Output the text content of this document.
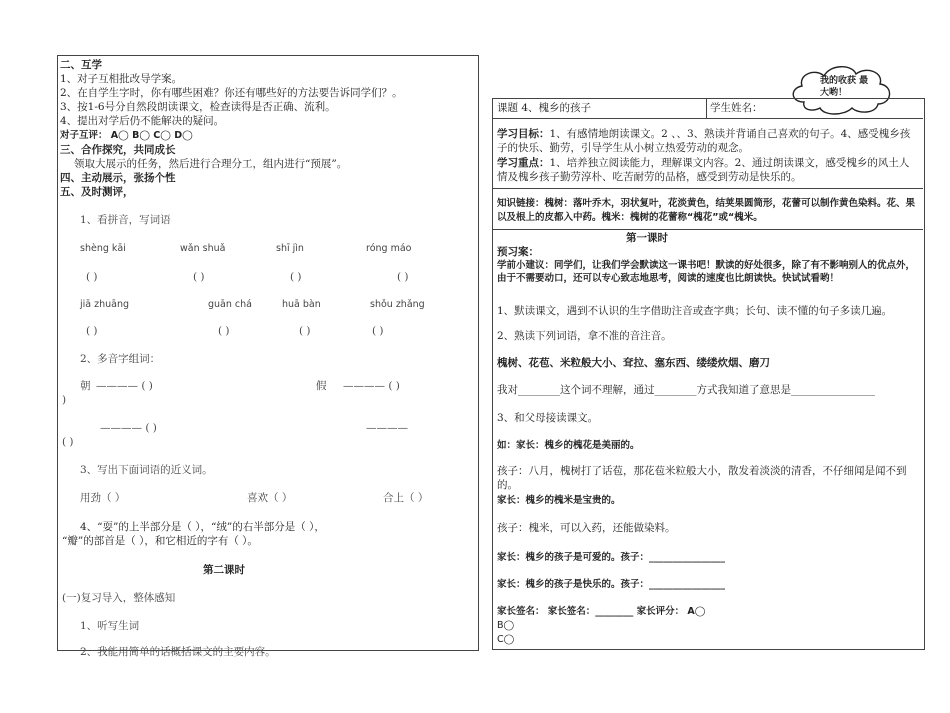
二、互学
1、对子互相批改导学案。
2、在自学生字时，你有哪些困难？你还有哪些好的方法要告诉同学们？。
3、按1-6号分自然段朗读课文，检查读得是否正确、流利。
4、提出对学后仍不能解决的疑问。
对子互评： A◯ B◯ C◯ D◯
三、合作探究，共同成长
领取大展示的任务，然后进行合理分工，组内进行“预展”。
四、主动展示，张扬个性
五、及时测评，
1、看拼音，写词语
shèng kāi	wǎn shuǎ	shī jìn	róng máo
( )	( )	( )	( )
jiā zhuāng	guān chá	huā bàn	shǒu zhǎng
( )	( )	( )	( )
2、多音字组词：
朝 ———— ( )	假 ———— ( )
)
———— ( )	————
( )
3、写出下面词语的近义词。
用劲（ ）	喜欢（ ）	合上（ ）
4、“耍”的上半部分是（ ），“绒”的右半部分是（ ），
“瓣”的部首是（ ），和它相近的字有（ ）。
第二课时
(一)复习导入，整体感知
1、听写生词
2、我能用简单的话概括课文的主要内容。
我的收获 最大哟！
课题 4、槐乡的孩子	学生姓名：
学习目标：1、有感情地朗读课文。2 、、3、熟读并背诵自己喜欢的句子。4、感受槐乡孩子的快乐、勤劳，引导学生从小树立热爱劳动的观念。
学习重点：1、培养独立阅读能力，理解课文内容。2、通过朗读课文，感受槐乡的风土人情及槐乡孩子勤劳淳朴、吃苦耐劳的品格，感受到劳动是快乐的。
知识链接：槐树：落叶乔木，羽状复叶，花淡黄色，结荚果圆筒形，花蕾可以制作黄色染料。花、果以及根上的皮都入中药。槐米：槐树的花蕾称“槐花”或“槐米。
第一课时
预习案：
学前小建议：同学们，让我们学会默读这一课书吧！默读的好处很多，除了有不影响别人的优点外，由于不需要动口，还可以专心致志地思考，阅读的速度也比朗读快。快试试看哟！
1、默读课文，遇到不认识的生字借助注音或查字典；长句、读不懂的句子多读几遍。
2、熟读下列词语，拿不准的音注音。
槐树、花苞、米粒般大小、耷拉、塞东西、缕缕炊烟、磨刀
我对________这个词不理解，通过________方式我知道了意思是________________
3、和父母接读课文。
如：家长：槐乡的槐花是美丽的。
孩子：八月，槐树打了话苞，那花苞米粒般大小，散发着淡淡的清香，不仔细闻是闻不到的。
家长：槐乡的槐米是宝贵的。
孩子：槐米，可以入药，还能做染料。
家长：槐乡的孩子是可爱的。孩子：________________
家长：槐乡的孩子是快乐的。孩子：________________
家长签名： 家长签名：________ 家长评分： A◯
B◯
C◯
